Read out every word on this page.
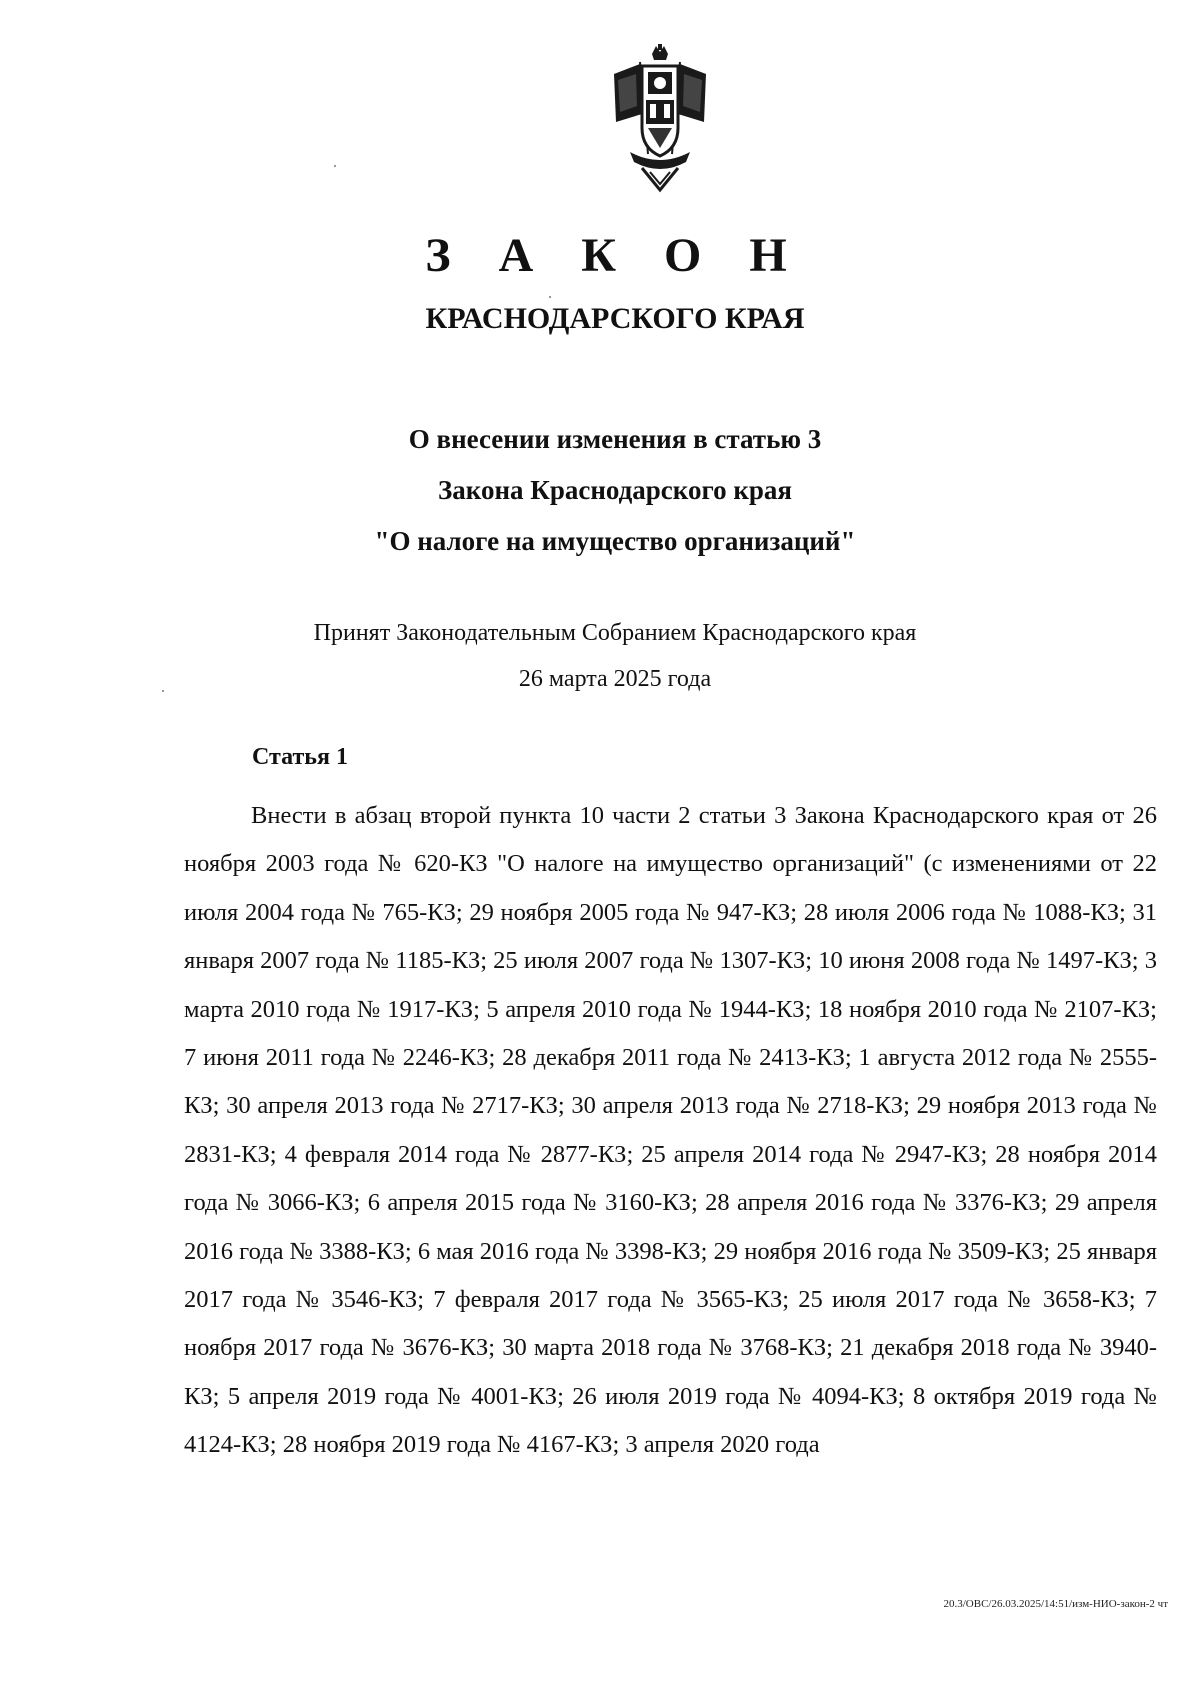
З А К О Н
КРАСНОДАРСКОГО КРАЯ
О внесении изменения в статью 3
Закона Краснодарского края
"О налоге на имущество организаций"
Принят Законодательным Собранием Краснодарского края
26 марта 2025 года
Статья 1
Внести в абзац второй пункта 10 части 2 статьи 3 Закона Краснодарского края от 26 ноября 2003 года № 620-КЗ "О налоге на имущество организаций" (с изменениями от 22 июля 2004 года № 765-КЗ; 29 ноября 2005 года № 947-КЗ; 28 июля 2006 года № 1088-КЗ; 31 января 2007 года № 1185-КЗ; 25 июля 2007 года № 1307-КЗ; 10 июня 2008 года № 1497-КЗ; 3 марта 2010 года № 1917-КЗ; 5 апреля 2010 года № 1944-КЗ; 18 ноября 2010 года № 2107-КЗ; 7 июня 2011 года № 2246-КЗ; 28 декабря 2011 года № 2413-КЗ; 1 августа 2012 года № 2555-КЗ; 30 апреля 2013 года № 2717-КЗ; 30 апреля 2013 года № 2718-КЗ; 29 ноября 2013 года № 2831-КЗ; 4 февраля 2014 года № 2877-КЗ; 25 апреля 2014 года № 2947-КЗ; 28 ноября 2014 года № 3066-КЗ; 6 апреля 2015 года № 3160-КЗ; 28 апреля 2016 года № 3376-КЗ; 29 апреля 2016 года № 3388-КЗ; 6 мая 2016 года № 3398-КЗ; 29 ноября 2016 года № 3509-КЗ; 25 января 2017 года № 3546-КЗ; 7 февраля 2017 года № 3565-КЗ; 25 июля 2017 года № 3658-КЗ; 7 ноября 2017 года № 3676-КЗ; 30 марта 2018 года № 3768-КЗ; 21 декабря 2018 года № 3940-КЗ; 5 апреля 2019 года № 4001-КЗ; 26 июля 2019 года № 4094-КЗ; 8 октября 2019 года № 4124-КЗ; 28 ноября 2019 года № 4167-КЗ; 3 апреля 2020 года
20.3/ОВС/26.03.2025/14:51/изм-НИО-закон-2 чт
